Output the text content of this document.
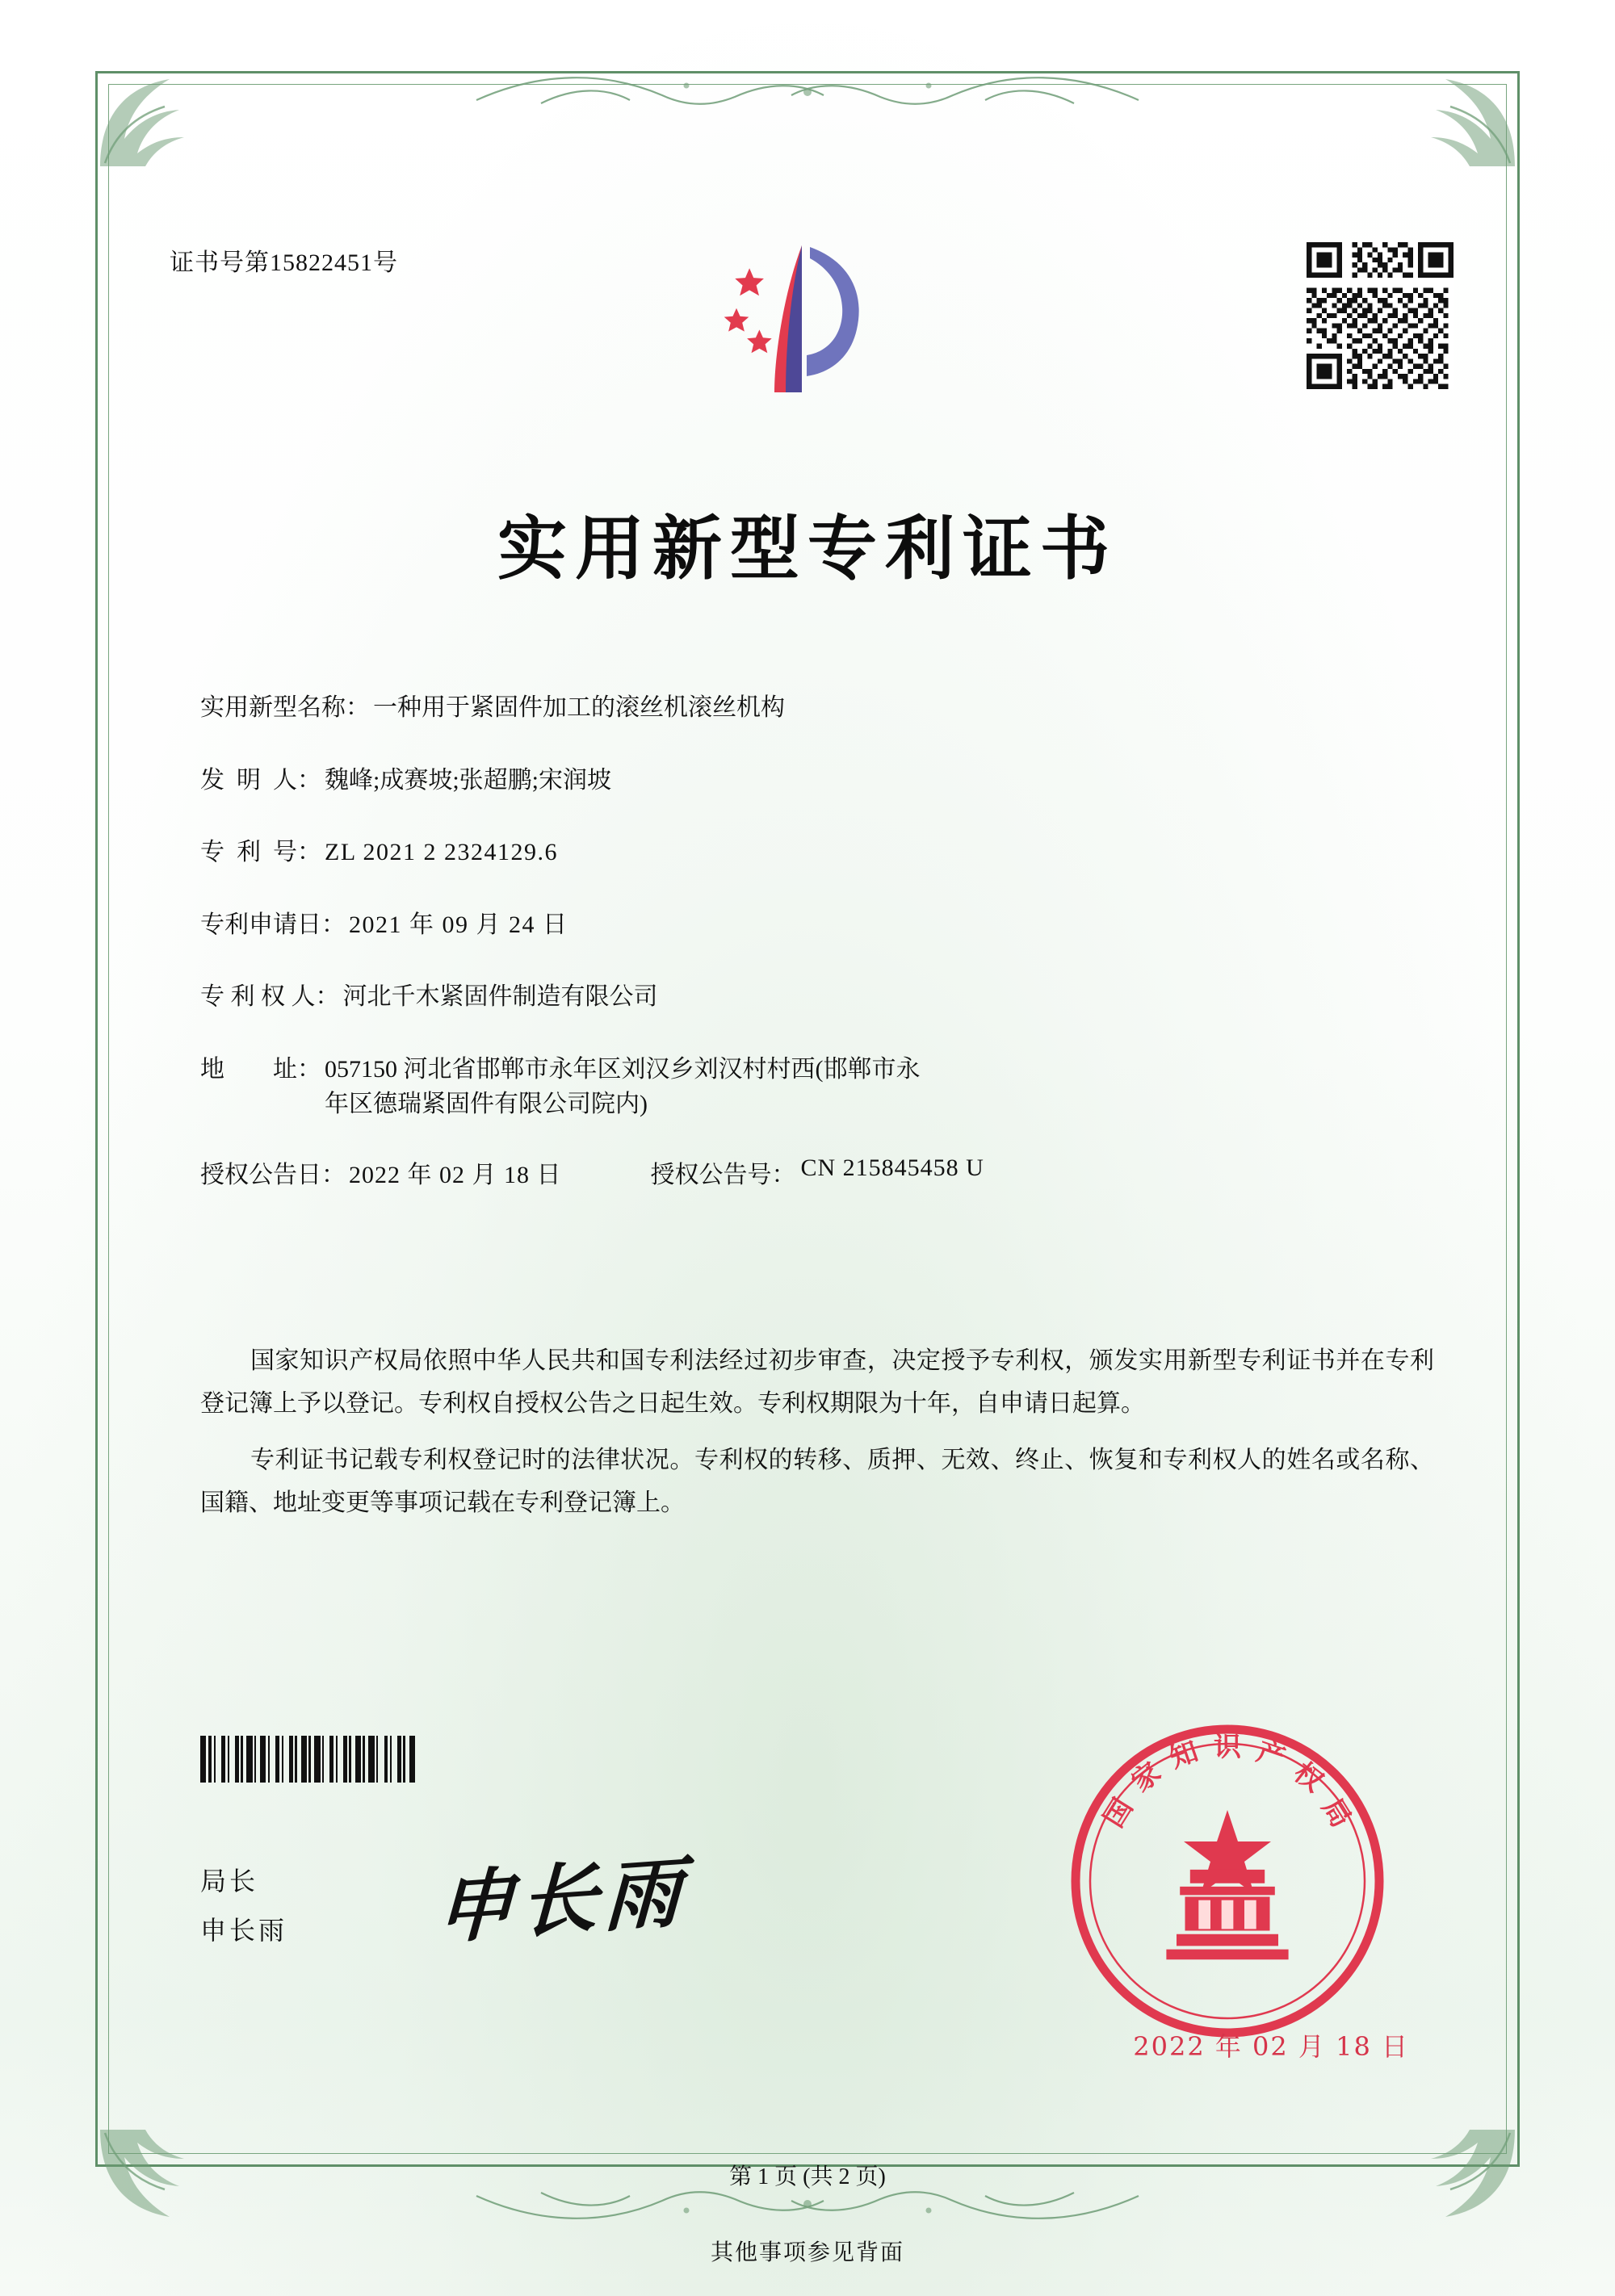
证书号第15822451号
实用新型专利证书
实用新型名称： 一种用于紧固件加工的滚丝机滚丝机构
发  明  人： 魏峰;成赛坡;张超鹏;宋润坡
专  利  号： ZL 2021 2 2324129.6
专利申请日： 2021 年 09 月 24 日
专 利 权 人： 河北千木紧固件制造有限公司
地        址： 057150 河北省邯郸市永年区刘汉乡刘汉村村西(邯郸市永
年区德瑞紧固件有限公司院内)
授权公告日： 2022 年 02 月 18 日	授权公告号： CN 215845458 U
国家知识产权局依照中华人民共和国专利法经过初步审查，决定授予专利权，颁发实用新型专利证书并在专利登记簿上予以登记。专利权自授权公告之日起生效。专利权期限为十年，自申请日起算。
专利证书记载专利权登记时的法律状况。专利权的转移、质押、无效、终止、恢复和专利权人的姓名或名称、国籍、地址变更等事项记载在专利登记簿上。
局长
申长雨 申长雨
国
家
知 识 产
权
局
2022 年 02 月 18 日
第 1 页 (共 2 页)
其他事项参见背面
